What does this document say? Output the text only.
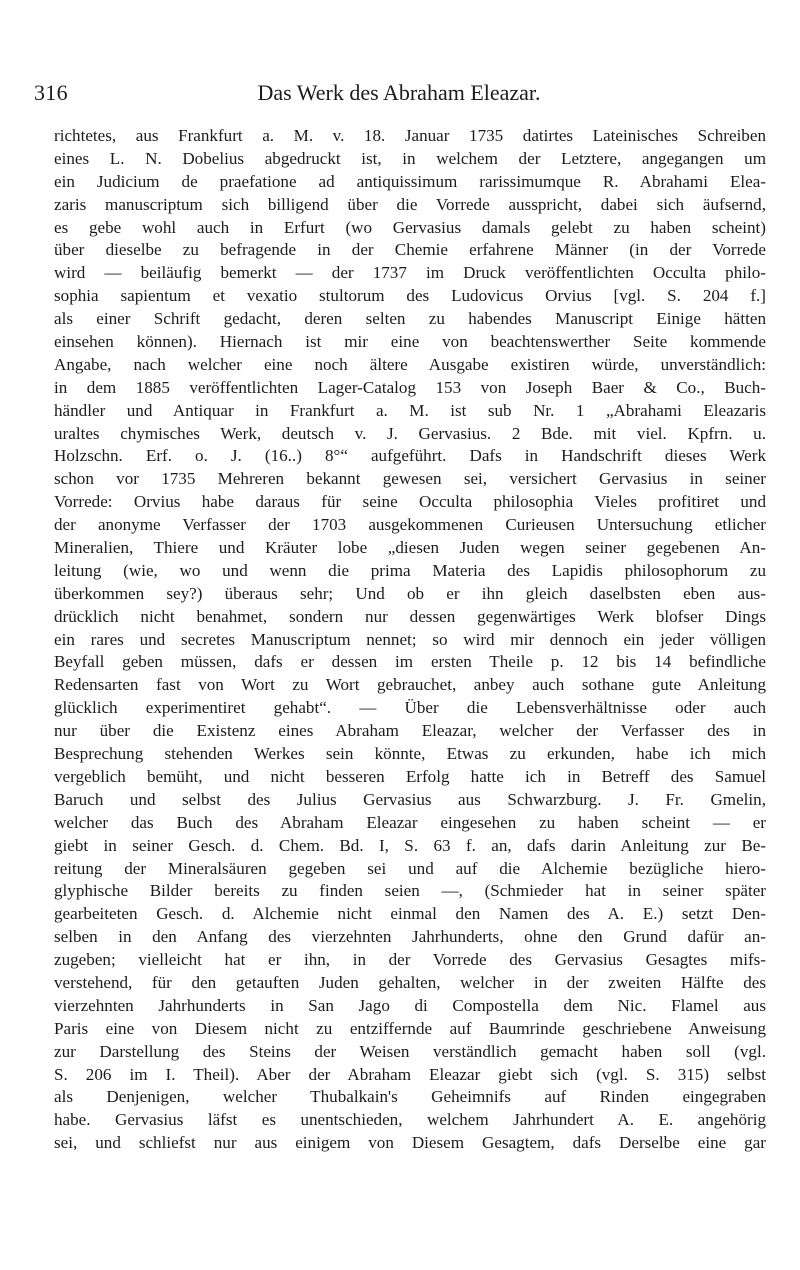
316	Das Werk des Abraham Eleazar.
richtetes, aus Frankfurt a. M. v. 18. Januar 1735 datirtes Lateinisches Schreiben
eines L. N. Dobelius abgedruckt ist, in welchem der Letztere, angegangen um
ein Judicium de praefatione ad antiquissimum rarissimumque R. Abrahami Elea-
zaris manuscriptum sich billigend über die Vorrede ausspricht, dabei sich äufsernd,
es gebe wohl auch in Erfurt (wo Gervasius damals gelebt zu haben scheint)
über dieselbe zu befragende in der Chemie erfahrene Männer (in der Vorrede
wird — beiläufig bemerkt — der 1737 im Druck veröffentlichten Occulta philo-
sophia sapientum et vexatio stultorum des Ludovicus Orvius [vgl. S. 204 f.]
als einer Schrift gedacht, deren selten zu habendes Manuscript Einige hätten
einsehen können). Hiernach ist mir eine von beachtenswerther Seite kommende
Angabe, nach welcher eine noch ältere Ausgabe existiren würde, unverständlich:
in dem 1885 veröffentlichten Lager-Catalog 153 von Joseph Baer & Co., Buch-
händler und Antiquar in Frankfurt a. M. ist sub Nr. 1 „Abrahami Eleazaris
uraltes chymisches Werk, deutsch v. J. Gervasius. 2 Bde. mit viel. Kpfrn. u.
Holzschn. Erf. o. J. (16..) 8°“ aufgeführt. Dafs in Handschrift dieses Werk
schon vor 1735 Mehreren bekannt gewesen sei, versichert Gervasius in seiner
Vorrede: Orvius habe daraus für seine Occulta philosophia Vieles profitiret und
der anonyme Verfasser der 1703 ausgekommenen Curieusen Untersuchung etlicher
Mineralien, Thiere und Kräuter lobe „diesen Juden wegen seiner gegebenen An-
leitung (wie, wo und wenn die prima Materia des Lapidis philosophorum zu
überkommen sey?) überaus sehr; Und ob er ihn gleich daselbsten eben aus-
drücklich nicht benahmet, sondern nur dessen gegenwärtiges Werk blofser Dings
ein rares und secretes Manuscriptum nennet; so wird mir dennoch ein jeder völligen
Beyfall geben müssen, dafs er dessen im ersten Theile p. 12 bis 14 befindliche
Redensarten fast von Wort zu Wort gebrauchet, anbey auch sothane gute Anleitung
glücklich experimentiret gehabt“. — Über die Lebensverhältnisse oder auch
nur über die Existenz eines Abraham Eleazar, welcher der Verfasser des in
Besprechung stehenden Werkes sein könnte, Etwas zu erkunden, habe ich mich
vergeblich bemüht, und nicht besseren Erfolg hatte ich in Betreff des Samuel
Baruch und selbst des Julius Gervasius aus Schwarzburg. J. Fr. Gmelin,
welcher das Buch des Abraham Eleazar eingesehen zu haben scheint — er
giebt in seiner Gesch. d. Chem. Bd. I, S. 63 f. an, dafs darin Anleitung zur Be-
reitung der Mineralsäuren gegeben sei und auf die Alchemie bezügliche hiero-
glyphische Bilder bereits zu finden seien —, (Schmieder hat in seiner später
gearbeiteten Gesch. d. Alchemie nicht einmal den Namen des A. E.) setzt Den-
selben in den Anfang des vierzehnten Jahrhunderts, ohne den Grund dafür an-
zugeben; vielleicht hat er ihn, in der Vorrede des Gervasius Gesagtes mifs-
verstehend, für den getauften Juden gehalten, welcher in der zweiten Hälfte des
vierzehnten Jahrhunderts in San Jago di Compostella dem Nic. Flamel aus
Paris eine von Diesem nicht zu entziffernde auf Baumrinde geschriebene Anweisung
zur Darstellung des Steins der Weisen verständlich gemacht haben soll (vgl.
S. 206 im I. Theil). Aber der Abraham Eleazar giebt sich (vgl. S. 315) selbst
als Denjenigen, welcher Thubalkain's Geheimnifs auf Rinden eingegraben
habe. Gervasius läfst es unentschieden, welchem Jahrhundert A. E. angehörig
sei, und schliefst nur aus einigem von Diesem Gesagtem, dafs Derselbe eine gar
